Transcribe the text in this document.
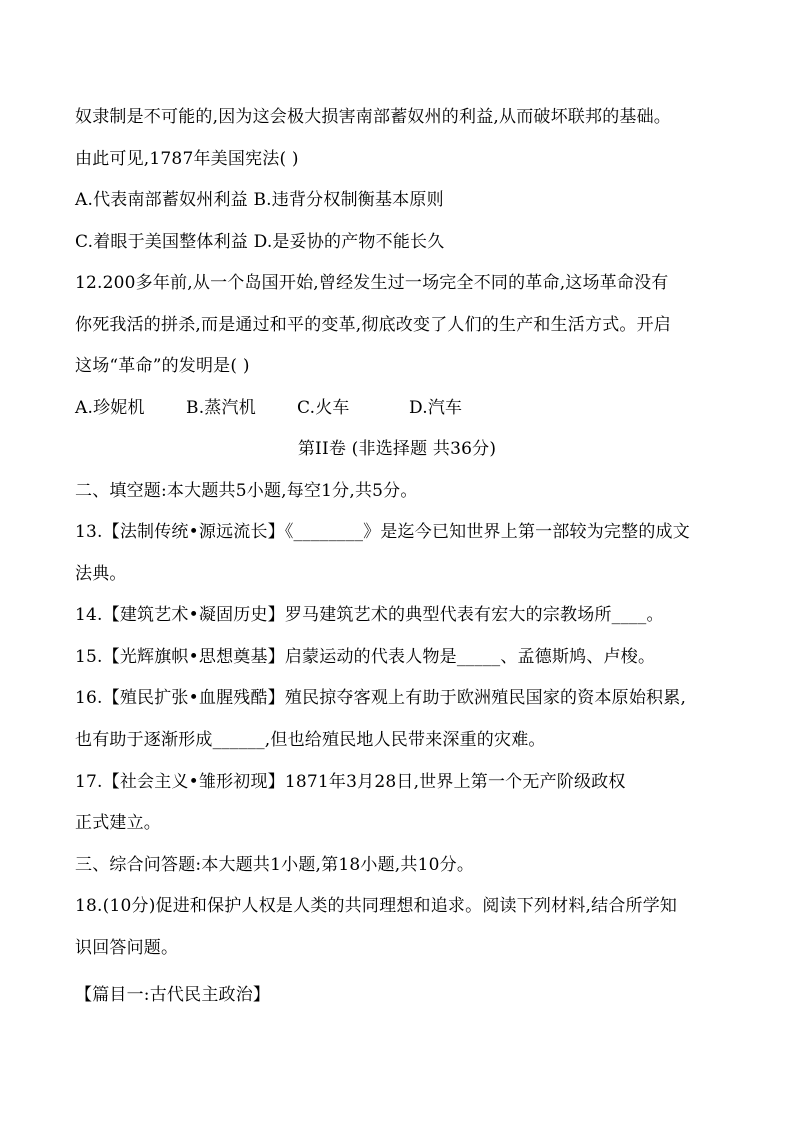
奴隶制是不可能的,因为这会极大损害南部蓄奴州的利益,从而破坏联邦的基础。
由此可见,1787年美国宪法( )
A.代表南部蓄奴州利益 B.违背分权制衡基本原则
C.着眼于美国整体利益 D.是妥协的产物不能长久
12.200多年前,从一个岛国开始,曾经发生过一场完全不同的革命,这场革命没有
你死我活的拼杀,而是通过和平的变革,彻底改变了人们的生产和生活方式。开启
这场“革命”的发明是( )
A.珍妮机 B.蒸汽机 C.火车	D.汽车
第II卷 (非选择题 共36分)
二、填空题:本大题共5小题,每空1分,共5分。
13.【法制传统•源远流长】《________》是迄今已知世界上第一部较为完整的成文
法典。
14.【建筑艺术•凝固历史】罗马建筑艺术的典型代表有宏大的宗教场所____。
15.【光辉旗帜•思想奠基】启蒙运动的代表人物是_____、孟德斯鸠、卢梭。
16.【殖民扩张•血腥残酷】殖民掠夺客观上有助于欧洲殖民国家的资本原始积累,
也有助于逐渐形成______,但也给殖民地人民带来深重的灾难。
17.【社会主义•雏形初现】1871年3月28日,世界上第一个无产阶级政权
正式建立。
三、综合问答题:本大题共1小题,第18小题,共10分。
18.(10分)促进和保护人权是人类的共同理想和追求。阅读下列材料,结合所学知
识回答问题。
【篇目一:古代民主政治】
